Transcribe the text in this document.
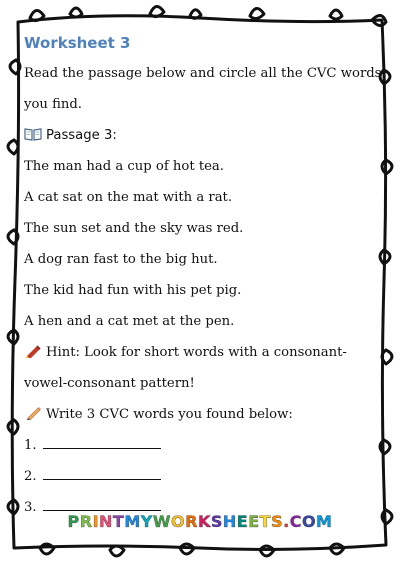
Worksheet 3

Read the passage below and circle all the CVC words

you find.

Passage 3:

The man had a cup of hot tea.

A cat sat on the mat with a rat.

The sun set and the sky was red.

A dog ran fast to the big hut.

The kid had fun with his pet pig.

A hen and a cat met at the pen.

Hint: Look for short words with a consonant-

vowel-consonant pattern!

Write 3 CVC words you found below:

1.

2.

3.

PRINTMYWORKSHEETS.COM
